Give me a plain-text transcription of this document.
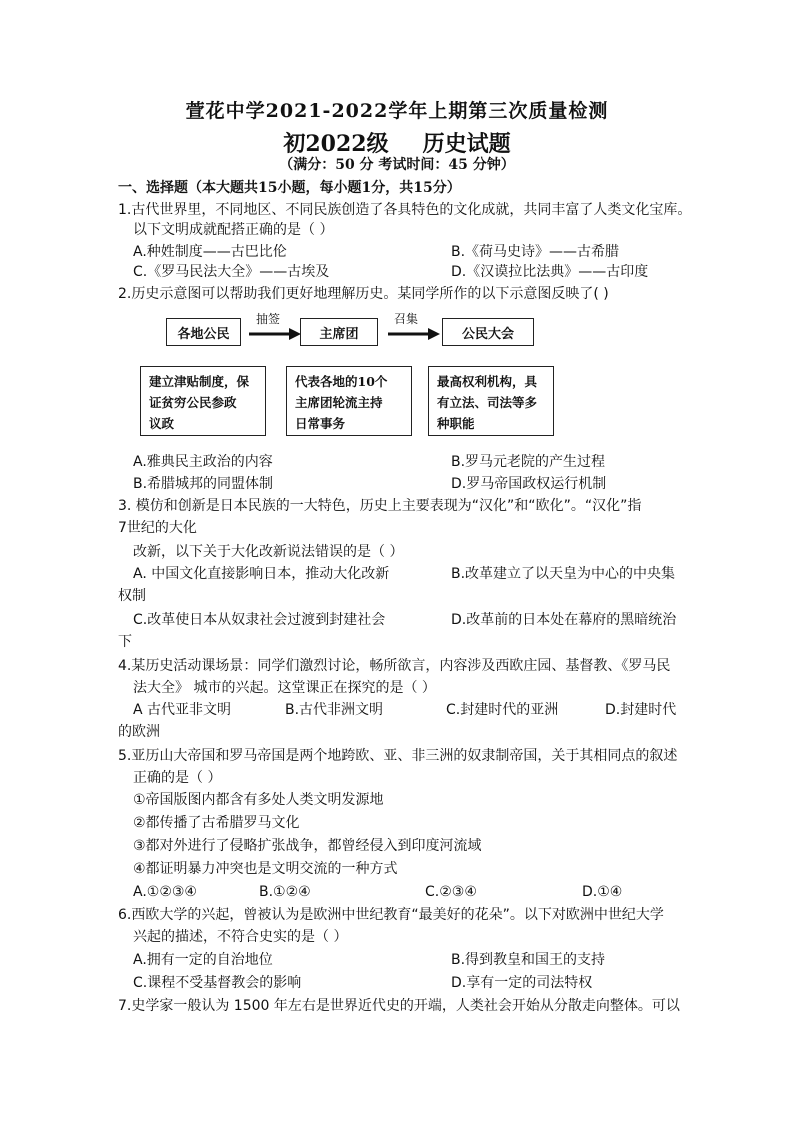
萱花中学2021-2022学年上期第三次质量检测
初2022级 历史试题
（满分：50 分 考试时间：45 分钟）
一、选择题（本大题共15小题，每小题1分，共15分）
1.古代世界里，不同地区、不同民族创造了各具特色的文化成就，共同丰富了人类文化宝库。
以下文明成就配搭正确的是（ ）
A.种姓制度——古巴比伦	B.《荷马史诗》——古希腊
C.《罗马民法大全》——古埃及	D.《汉谟拉比法典》——古印度
2.历史示意图可以帮助我们更好地理解历史。某同学所作的以下示意图反映了( )
各地公民
抽签
主席团
召集
公民大会
建立津贴制度，保
证贫穷公民参政
议政
代表各地的10个
主席团轮流主持
日常事务
最高权利机构，具
有立法、司法等多
种职能
A.雅典民主政治的内容	B.罗马元老院的产生过程
B.希腊城邦的同盟体制	D.罗马帝国政权运行机制
3. 模仿和创新是日本民族的一大特色，历史上主要表现为“汉化”和“欧化”。“汉化”指
7世纪的大化
改新，以下关于大化改新说法错误的是（ ）
A. 中国文化直接影响日本，推动大化改新	B.改革建立了以天皇为中心的中央集
权制
C.改革使日本从奴隶社会过渡到封建社会	D.改革前的日本处在幕府的黑暗统治
下
4.某历史活动课场景：同学们激烈讨论，畅所欲言，内容涉及西欧庄园、基督教、《罗马民
法大全》 城市的兴起。这堂课正在探究的是（ ）
A 古代亚非文明	B.古代非洲文明	C.封建时代的亚洲	D.封建时代
的欧洲
5.亚历山大帝国和罗马帝国是两个地跨欧、亚、非三洲的奴隶制帝国，关于其相同点的叙述
正确的是（ ）
①帝国版图内都含有多处人类文明发源地
②都传播了古希腊罗马文化
③都对外进行了侵略扩张战争，都曾经侵入到印度河流域
④都证明暴力冲突也是文明交流的一种方式
A.①②③④	B.①②④	C.②③④	D.①④
6.西欧大学的兴起，曾被认为是欧洲中世纪教育“最美好的花朵”。以下对欧洲中世纪大学
兴起的描述，不符合史实的是（ ）
A.拥有一定的自治地位	B.得到教皇和国王的支持
C.课程不受基督教会的影响	D.享有一定的司法特权
7.史学家一般认为 1500 年左右是世界近代史的开端，人类社会开始从分散走向整体。可以
